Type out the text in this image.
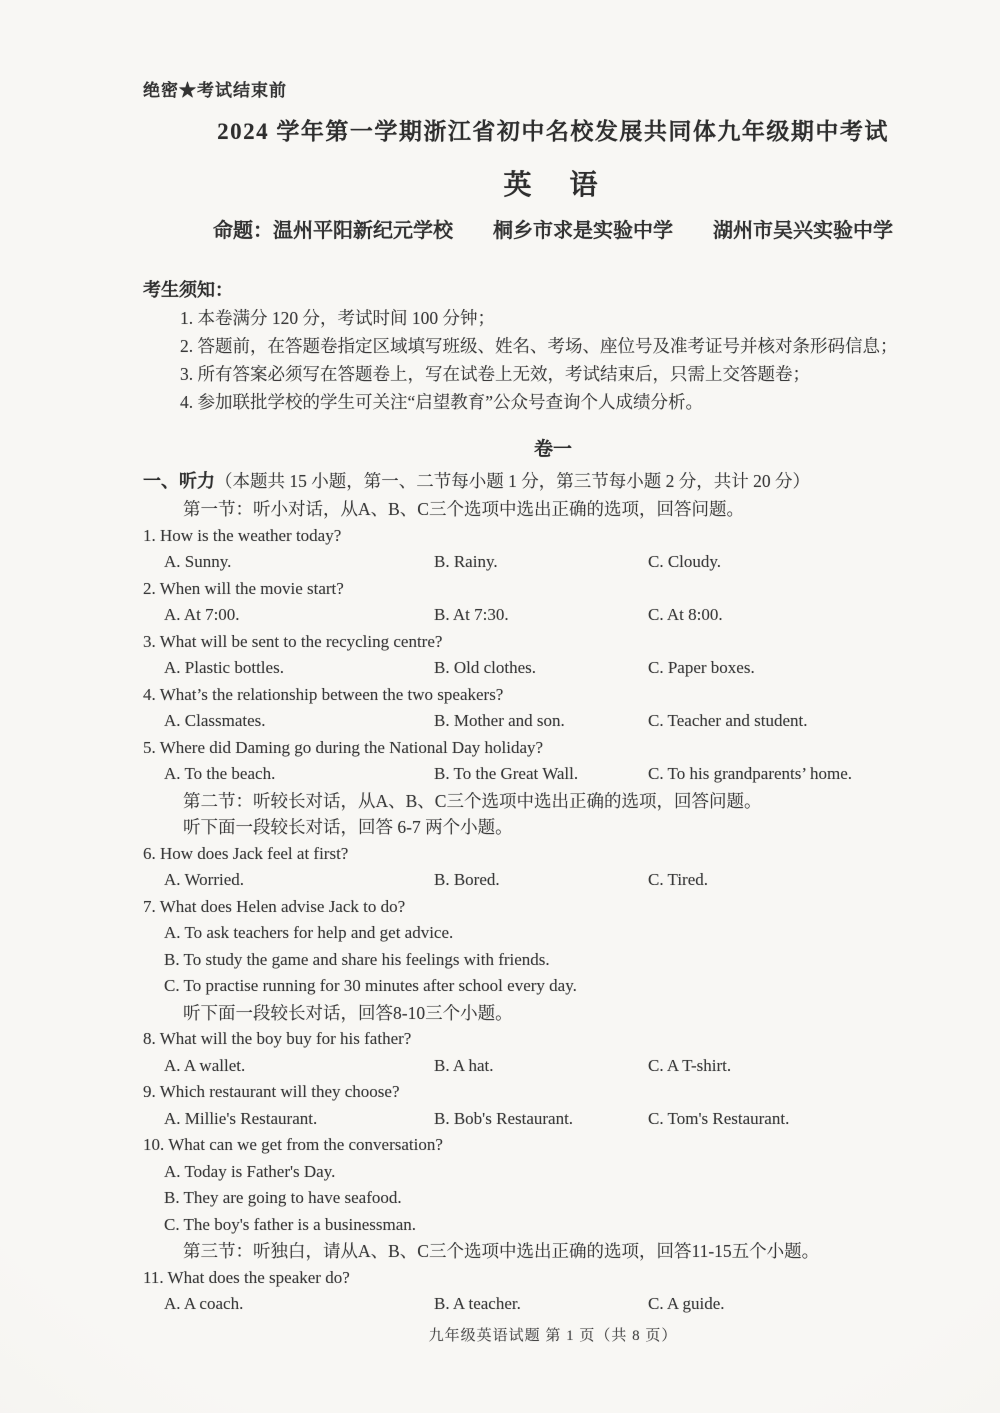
绝密★考试结束前
2024 学年第一学期浙江省初中名校发展共同体九年级期中考试
英　语
命题：温州平阳新纪元学校　　桐乡市求是实验中学　　湖州市吴兴实验中学
考生须知：
1. 本卷满分 120 分，考试时间 100 分钟；
2. 答题前，在答题卷指定区域填写班级、姓名、考场、座位号及准考证号并核对条形码信息；
3. 所有答案必须写在答题卷上，写在试卷上无效，考试结束后，只需上交答题卷；
4. 参加联批学校的学生可关注“启望教育”公众号查询个人成绩分析。
卷一
一、听力（本题共 15 小题，第一、二节每小题 1 分，第三节每小题 2 分，共计 20 分）
第一节：听小对话，从A、B、C三个选项中选出正确的选项，回答问题。
1. How is the weather today?
A. Sunny.	B. Rainy.	C. Cloudy.
2. When will the movie start?
A. At 7:00.	B. At 7:30.	C. At 8:00.
3. What will be sent to the recycling centre?
A. Plastic bottles.	B. Old clothes.	C. Paper boxes.
4. What’s the relationship between the two speakers?
A. Classmates.	B. Mother and son.	C. Teacher and student.
5. Where did Daming go during the National Day holiday?
A. To the beach.	B. To the Great Wall.	C. To his grandparents’ home.
第二节：听较长对话，从A、B、C三个选项中选出正确的选项，回答问题。
听下面一段较长对话，回答 6-7 两个小题。
6. How does Jack feel at first?
A. Worried.	B. Bored.	C. Tired.
7. What does Helen advise Jack to do?
A. To ask teachers for help and get advice.
B. To study the game and share his feelings with friends.
C. To practise running for 30 minutes after school every day.
听下面一段较长对话，回答8-10三个小题。
8. What will the boy buy for his father?
A. A wallet.	B. A hat.	C. A T-shirt.
9. Which restaurant will they choose?
A. Millie's Restaurant.	B. Bob's Restaurant.	C. Tom's Restaurant.
10. What can we get from the conversation?
A. Today is Father's Day.
B. They are going to have seafood.
C. The boy's father is a businessman.
第三节：听独白，请从A、B、C三个选项中选出正确的选项，回答11-15五个小题。
11. What does the speaker do?
A. A coach.	B. A teacher.	C. A guide.
九年级英语试题 第 1 页（共 8 页）
